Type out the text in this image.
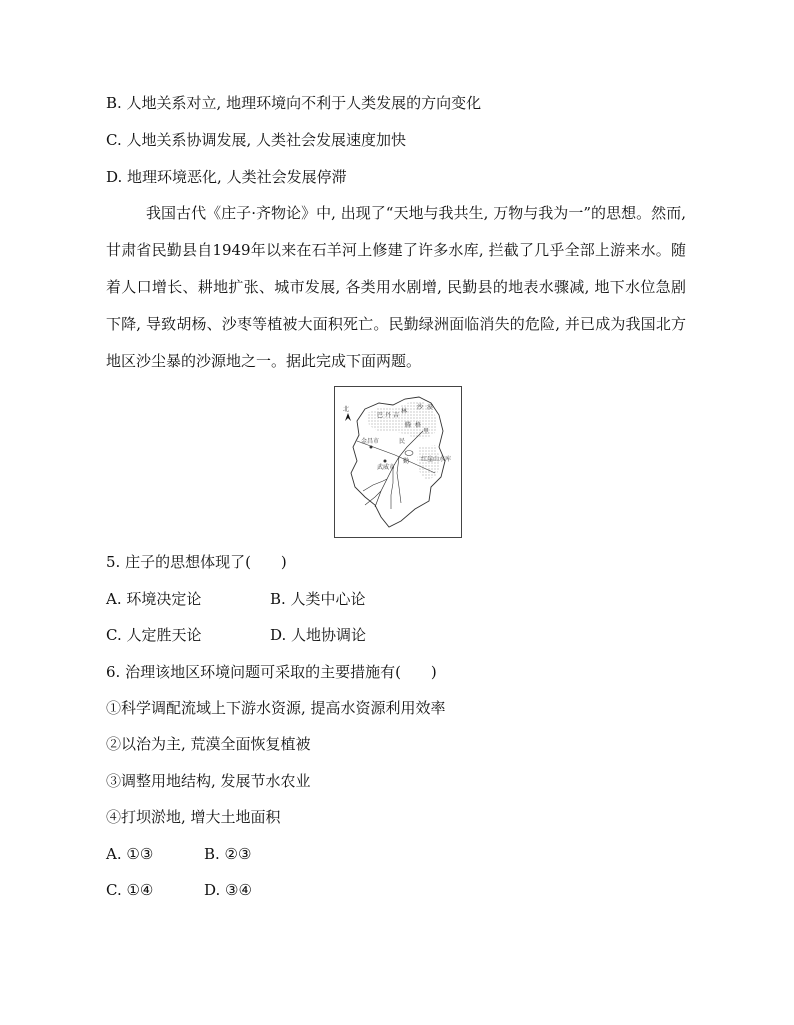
B. 人地关系对立, 地理环境向不利于人类发展的方向变化
C. 人地关系协调发展, 人类社会发展速度加快
D. 地理环境恶化, 人类社会发展停滞
我国古代《庄子·齐物论》中, 出现了“天地与我共生, 万物与我为一”的思想。然而, 甘肃省民勤县自1949年以来在石羊河上修建了许多水库, 拦截了几乎全部上游来水。随着人口增长、耕地扩张、城市发展, 各类用水剧增, 民勤县的地表水骤减, 地下水位急剧下降, 导致胡杨、沙枣等植被大面积死亡。民勤绿洲面临消失的危险, 并已成为我国北方地区沙尘暴的沙源地之一。据此完成下面两题。
北
巴 丹 吉
林
沙 漠
腾 格
里
金昌市
武威市
民
勤 红崖山水库
5. 庄子的思想体现了(　　)
A. 环境决定论	B. 人类中心论
C. 人定胜天论	D. 人地协调论
6. 治理该地区环境问题可采取的主要措施有(　　)
①科学调配流域上下游水资源, 提高水资源利用效率
②以治为主, 荒漠全面恢复植被
③调整用地结构, 发展节水农业
④打坝淤地, 增大土地面积
A. ①③	B. ②③
C. ①④	D. ③④
